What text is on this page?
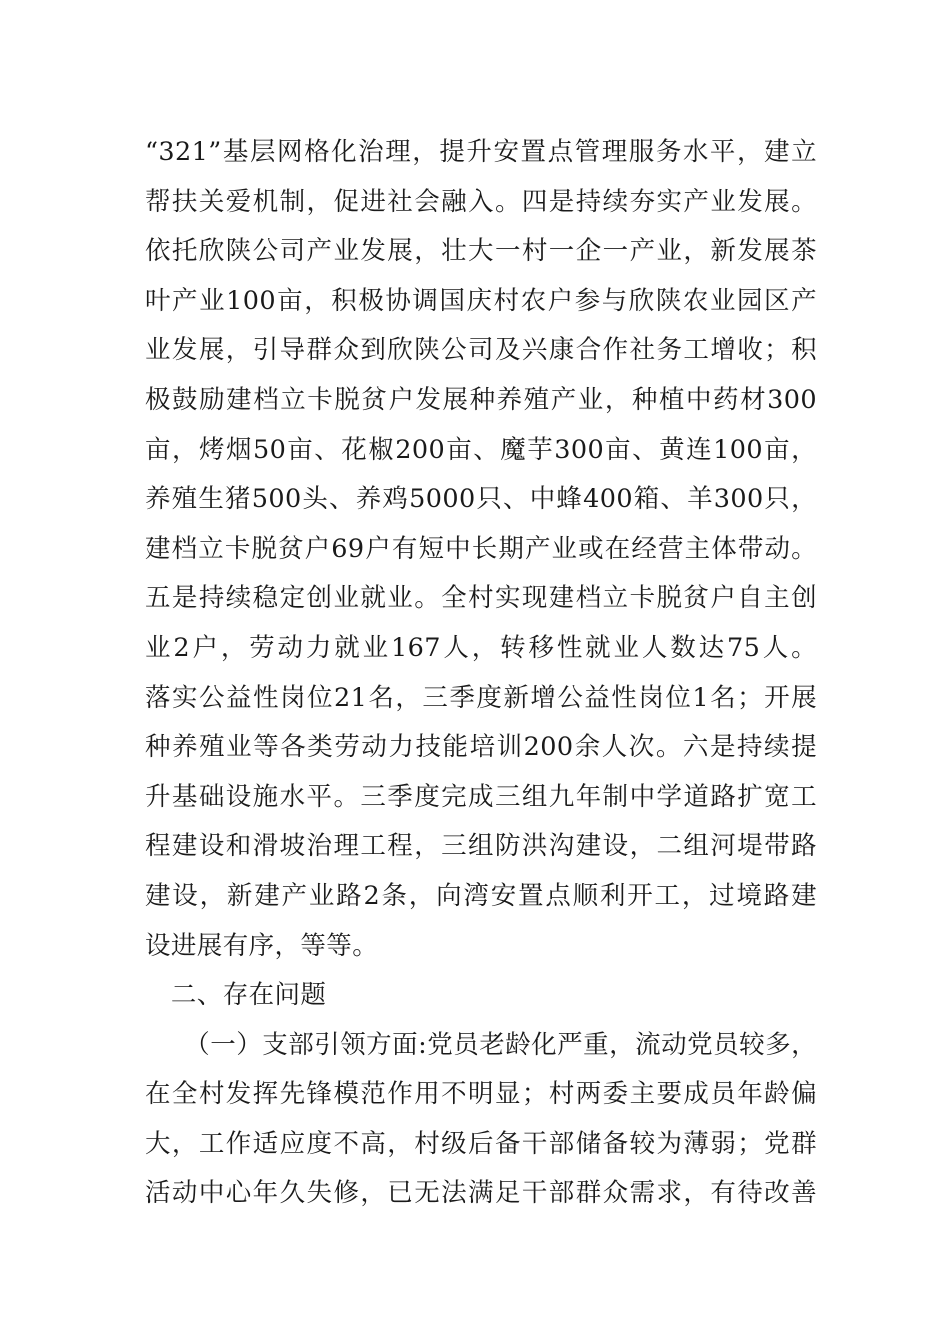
“321”基层网格化治理，提升安置点管理服务水平，建立
帮扶关爱机制，促进社会融入。四是持续夯实产业发展。
依托欣陕公司产业发展，壮大一村一企一产业，新发展茶
叶产业100亩，积极协调国庆村农户参与欣陕农业园区产
业发展，引导群众到欣陕公司及兴康合作社务工增收；积
极鼓励建档立卡脱贫户发展种养殖产业，种植中药材300
亩，烤烟50亩、花椒200亩、魔芋300亩、黄连100亩，
养殖生猪500头、养鸡5000只、中蜂400箱、羊300只，
建档立卡脱贫户69户有短中长期产业或在经营主体带动。
五是持续稳定创业就业。全村实现建档立卡脱贫户自主创
业2户，劳动力就业167人，转移性就业人数达75人。
落实公益性岗位21名，三季度新增公益性岗位1名；开展
种养殖业等各类劳动力技能培训200余人次。六是持续提
升基础设施水平。三季度完成三组九年制中学道路扩宽工
程建设和滑坡治理工程，三组防洪沟建设，二组河堤带路
建设，新建产业路2条，向湾安置点顺利开工，过境路建
设进展有序，等等。
　二、存在问题
　　（一）支部引领方面:党员老龄化严重，流动党员较多，
在全村发挥先锋模范作用不明显；村两委主要成员年龄偏
大，工作适应度不高，村级后备干部储备较为薄弱；党群
活动中心年久失修，已无法满足干部群众需求，有待改善
